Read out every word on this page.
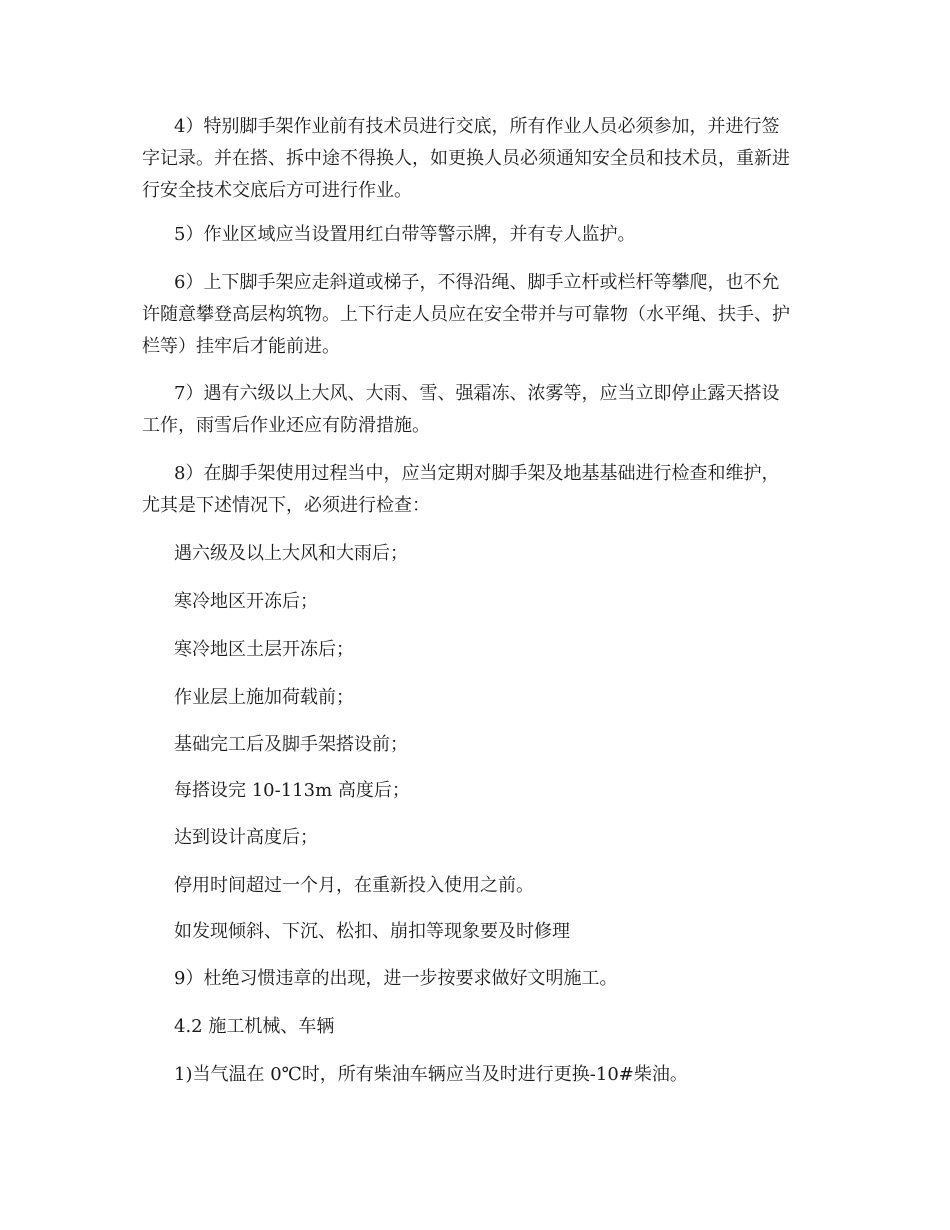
4）特别脚手架作业前有技术员进行交底，所有作业人员必须参加，并进行签
字记录。并在搭、拆中途不得换人，如更换人员必须通知安全员和技术员，重新进
行安全技术交底后方可进行作业。
5）作业区域应当设置用红白带等警示牌，并有专人监护。
6）上下脚手架应走斜道或梯子，不得沿绳、脚手立杆或栏杆等攀爬，也不允
许随意攀登高层构筑物。上下行走人员应在安全带并与可靠物（水平绳、扶手、护
栏等）挂牢后才能前进。
7）遇有六级以上大风、大雨、雪、强霜冻、浓雾等，应当立即停止露天搭设
工作，雨雪后作业还应有防滑措施。
8）在脚手架使用过程当中，应当定期对脚手架及地基基础进行检查和维护，
尤其是下述情况下，必须进行检查：

遇六级及以上大风和大雨后；

寒冷地区开冻后；

寒冷地区土层开冻后；

作业层上施加荷载前；

基础完工后及脚手架搭设前；

每搭设完 10-113m 高度后；

达到设计高度后；

停用时间超过一个月，在重新投入使用之前。

如发现倾斜、下沉、松扣、崩扣等现象要及时修理

9）杜绝习惯违章的出现，进一步按要求做好文明施工。

4.2 施工机械、车辆

1)当气温在 0℃时，所有柴油车辆应当及时进行更换-10#柴油。
